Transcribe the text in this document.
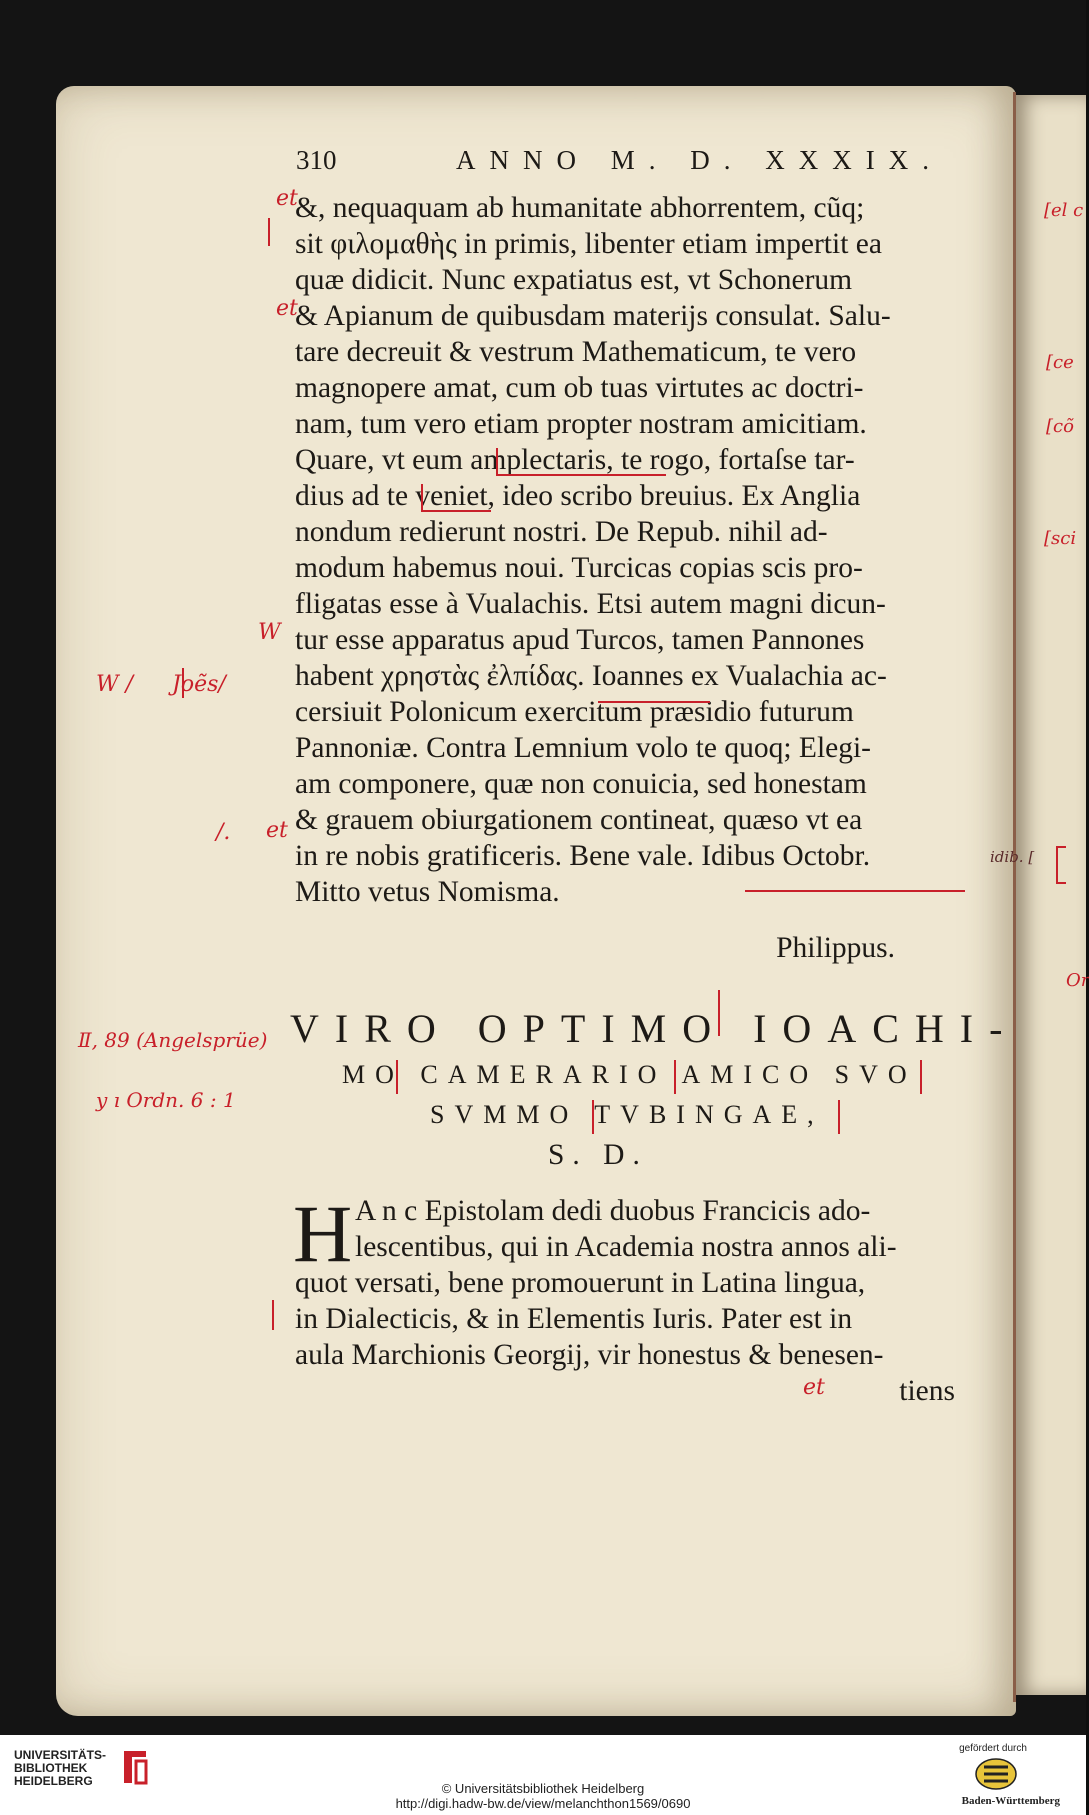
310	ANNO M. D. XXXIX.
&, nequaquam ab humanitate abhorrentem, cũq;
sit φιλομαθὴς in primis, libenter etiam impertit ea
quæ didicit. Nunc expatiatus est, vt Schonerum
& Apianum de quibusdam materijs consulat. Salu-
tare decreuit & vestrum Mathematicum, te vero
magnopere amat, cum ob tuas virtutes ac doctri-
nam, tum vero etiam propter nostram amicitiam.
Quare, vt eum amplectaris, te rogo, fortaſse tar-
dius ad te veniet, ideo scribo breuius. Ex Anglia
nondum redierunt nostri. De Repub. nihil ad-
modum habemus noui. Turcicas copias scis pro-
fligatas esse à Vualachis. Etsi autem magni dicun-
tur esse apparatus apud Turcos, tamen Pannones
habent χρηστὰς ἐλπίδας. Ioannes ex Vualachia ac-
cersiuit Polonicum exercitum præsidio futurum
Pannoniæ. Contra Lemnium volo te quoq; Elegi-
am componere, quæ non conuicia, sed honestam
& grauem obiurgationem contineat, quæso vt ea
in re nobis gratificeris. Bene vale. Idibus Octobr.
Mitto vetus Nomisma.
Philippus.
VIRO OPTIMO IOACHI-
MO CAMERARIO AMICO SVO
SVMMO TVBINGAE,
S. D.
H A n c Epistolam dedi duobus Francicis ado-
lescentibus, qui in Academia nostra annos ali-
quot versati, bene promouerunt in Latina lingua,
in Dialecticis, & in Elementis Iuris. Pater est in
aula Marchionis Georgij, vir honestus & benesen-
tiens
et
et
et
et
W
W / Joẽs/
/.
Ⅱ, 89 (Angelsprüe)
y ı Ordn. 6 : 1
[el c
[ce
[cõ
[sci
idib. [
Or
UNIVERSITÄTS-
BIBLIOTHEK
HEIDELBERG	© Universitätsbibliothek Heidelberg
http://digi.hadw-bw.de/view/melanchthon1569/0690
gefördert durch
Baden-Württemberg
